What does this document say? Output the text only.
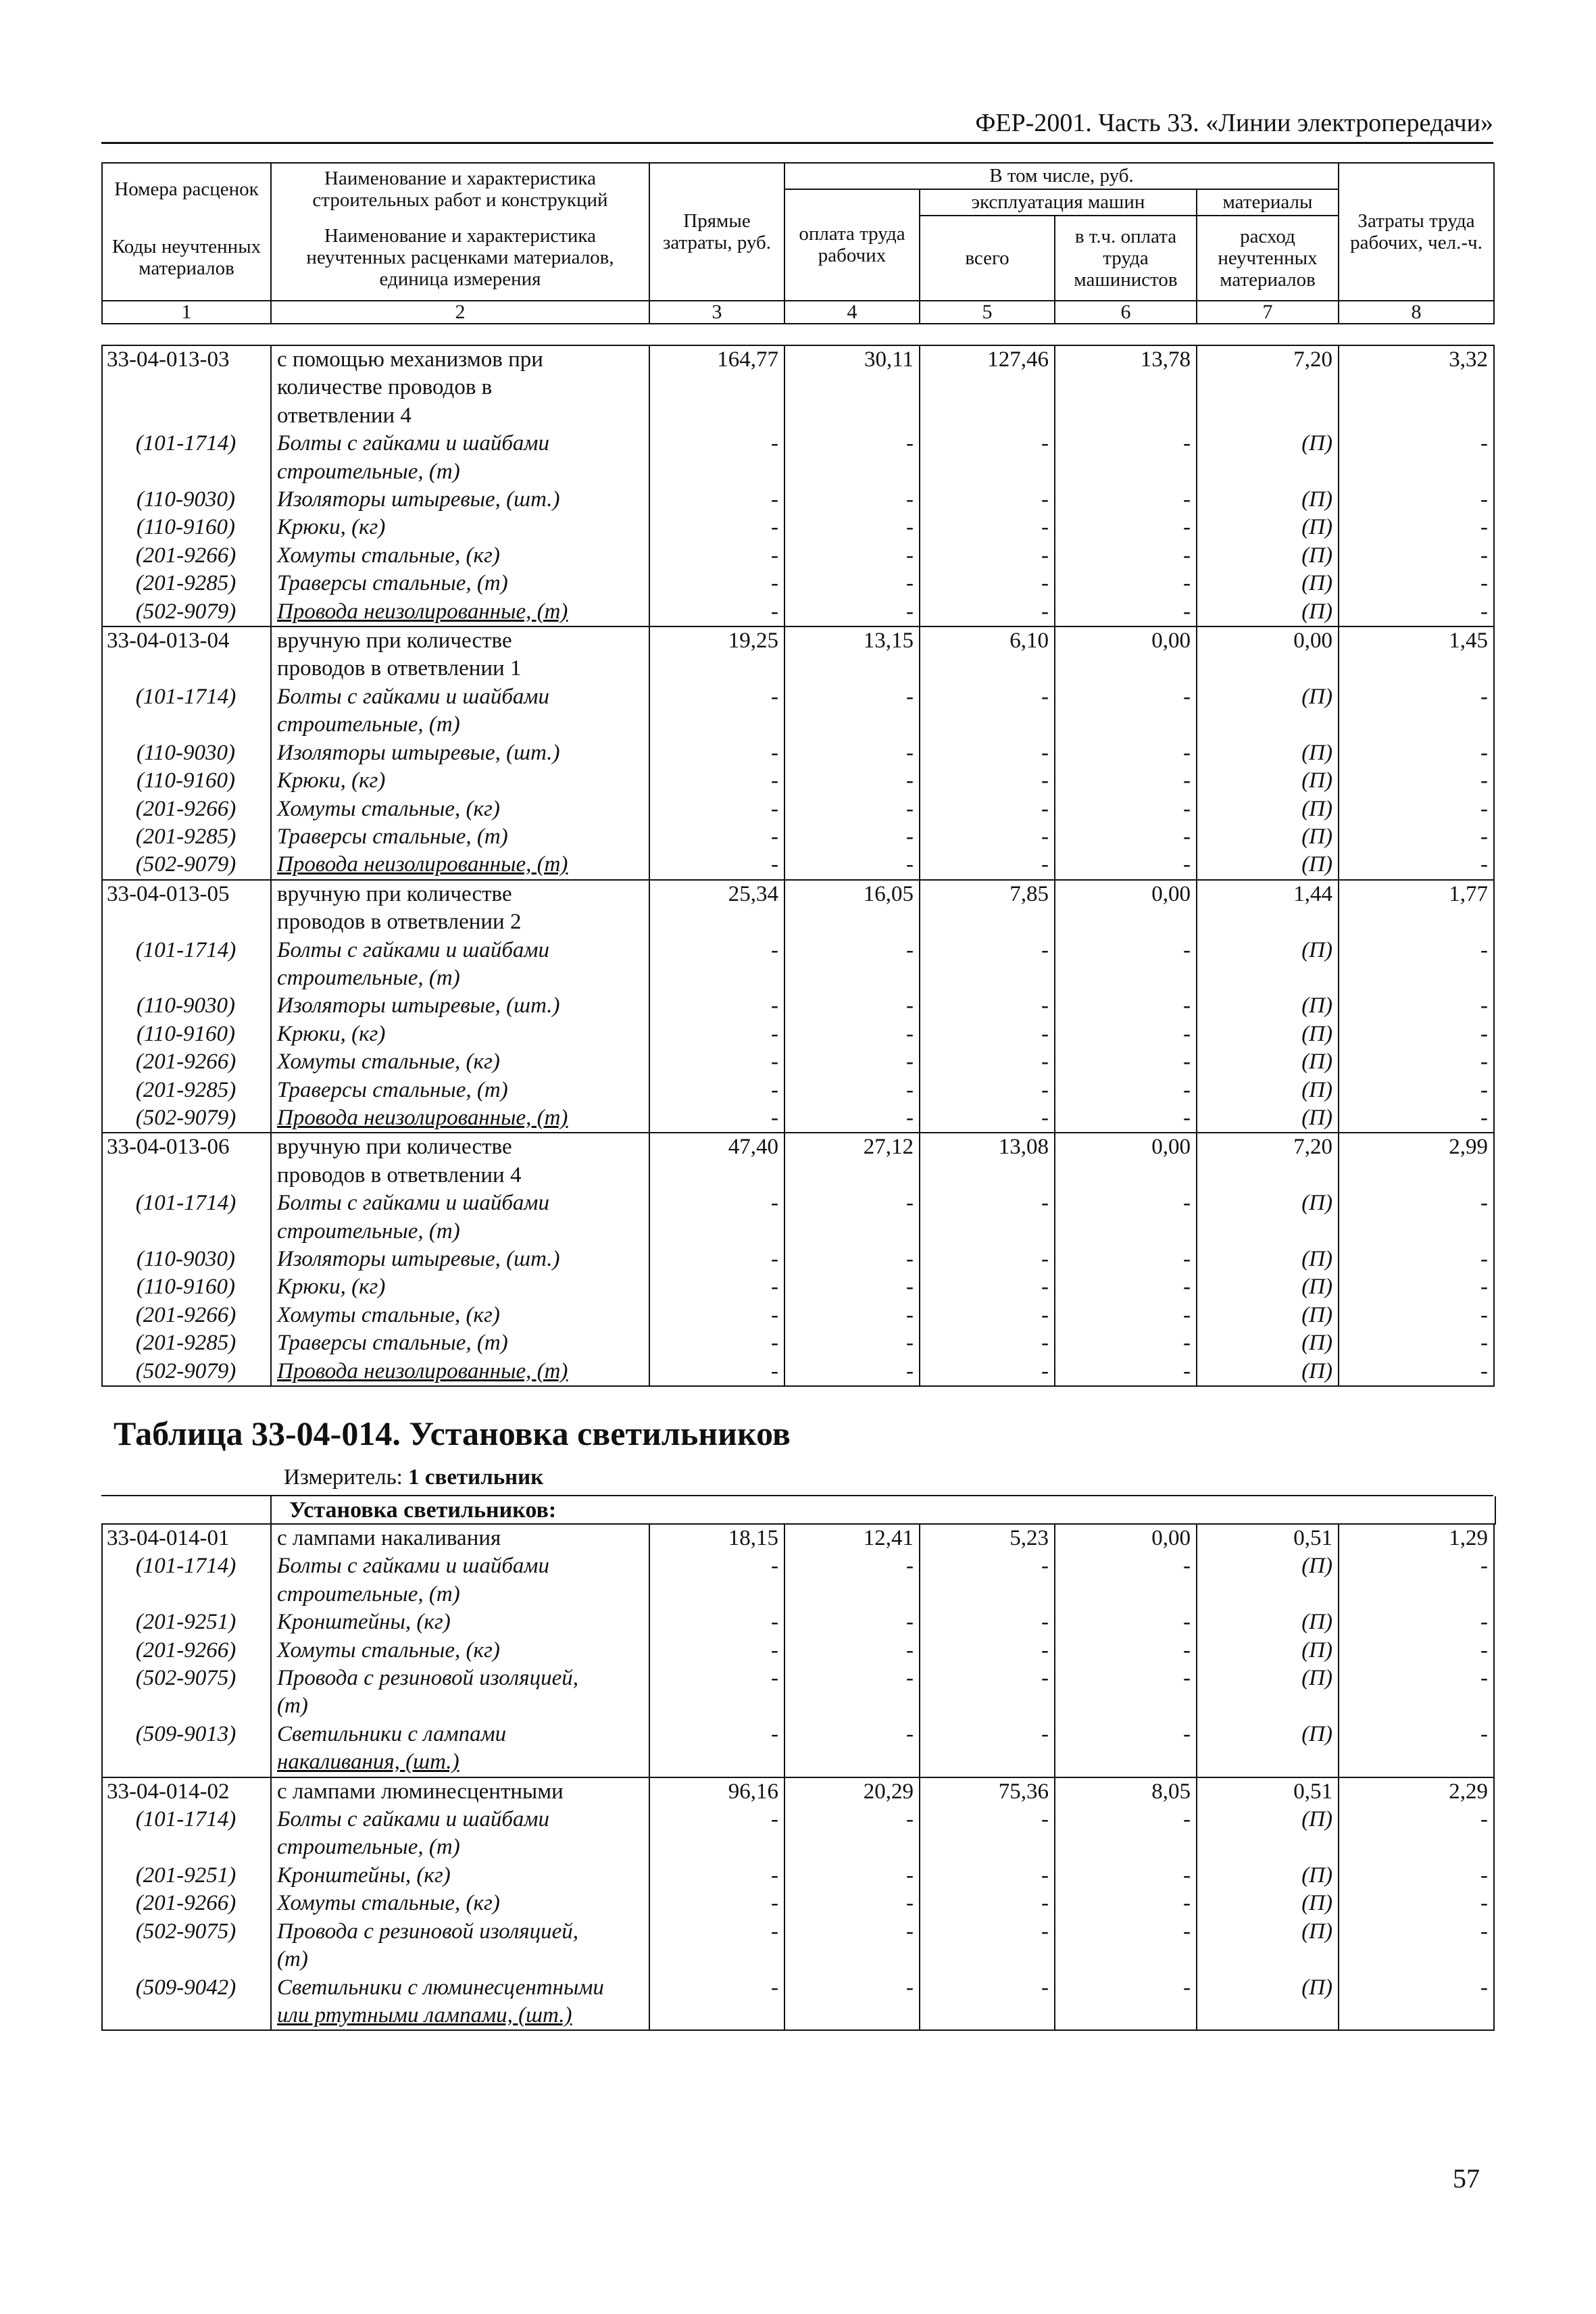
ФЕР-2001. Часть 33. «Линии электропередачи»
Номера расценок	Наименование и характеристика строительных работ и конструкций	Прямые затраты, руб.	В том числе, руб.				Затраты труда рабочих, чел.-ч.
			оплата труда рабочих	эксплуатация машин		материалы	
Коды неучтенных материалов	Наименование и характеристика неучтенных расценками материалов, единица измерения			всего	в т.ч. оплата труда машинистов	расход неучтенных материалов	

1	2	3	4	5	6	7	8
33-04-013-03	с помощью механизмов при	164,77	30,11	127,46	13,78	7,20	3,32
	количестве проводов в						
	ответвлении 4						
(101-1714)	Болты с гайками и шайбами	-	-	-	-	(П)	-
	строительные, (т)						
(110-9030)	Изоляторы штыревые, (шт.)	-	-	-	-	(П)	-
(110-9160)	Крюки, (кг)	-	-	-	-	(П)	-
(201-9266)	Хомуты стальные, (кг)	-	-	-	-	(П)	-
(201-9285)	Траверсы стальные, (т)	-	-	-	-	(П)	-
(502-9079)	Провода неизолированные, (т)	-	-	-	-	(П)	-
33-04-013-04	вручную при количестве	19,25	13,15	6,10	0,00	0,00	1,45
	проводов в ответвлении 1						
(101-1714)	Болты с гайками и шайбами	-	-	-	-	(П)	-
	строительные, (т)						
(110-9030)	Изоляторы штыревые, (шт.)	-	-	-	-	(П)	-
(110-9160)	Крюки, (кг)	-	-	-	-	(П)	-
(201-9266)	Хомуты стальные, (кг)	-	-	-	-	(П)	-
(201-9285)	Траверсы стальные, (т)	-	-	-	-	(П)	-
(502-9079)	Провода неизолированные, (т)	-	-	-	-	(П)	-
33-04-013-05	вручную при количестве	25,34	16,05	7,85	0,00	1,44	1,77
	проводов в ответвлении 2						
(101-1714)	Болты с гайками и шайбами	-	-	-	-	(П)	-
	строительные, (т)						
(110-9030)	Изоляторы штыревые, (шт.)	-	-	-	-	(П)	-
(110-9160)	Крюки, (кг)	-	-	-	-	(П)	-
(201-9266)	Хомуты стальные, (кг)	-	-	-	-	(П)	-
(201-9285)	Траверсы стальные, (т)	-	-	-	-	(П)	-
(502-9079)	Провода неизолированные, (т)	-	-	-	-	(П)	-
33-04-013-06	вручную при количестве	47,40	27,12	13,08	0,00	7,20	2,99
	проводов в ответвлении 4						
(101-1714)	Болты с гайками и шайбами	-	-	-	-	(П)	-
	строительные, (т)						
(110-9030)	Изоляторы штыревые, (шт.)	-	-	-	-	(П)	-
(110-9160)	Крюки, (кг)	-	-	-	-	(П)	-
(201-9266)	Хомуты стальные, (кг)	-	-	-	-	(П)	-
(201-9285)	Траверсы стальные, (т)	-	-	-	-	(П)	-
(502-9079)	Провода неизолированные, (т)	-	-	-	-	(П)	-
Таблица 33-04-014. Установка светильников
Измеритель: 1 светильник
Установка светильников:
33-04-014-01	с лампами накаливания	18,15	12,41	5,23	0,00	0,51	1,29
(101-1714)	Болты с гайками и шайбами	-	-	-	-	(П)	-
	строительные, (т)						
(201-9251)	Кронштейны, (кг)	-	-	-	-	(П)	-
(201-9266)	Хомуты стальные, (кг)	-	-	-	-	(П)	-
(502-9075)	Провода с резиновой изоляцией,	-	-	-	-	(П)	-
	(т)						
(509-9013)	Светильники с лампами	-	-	-	-	(П)	-
	накаливания, (шт.)						
33-04-014-02	с лампами люминесцентными	96,16	20,29	75,36	8,05	0,51	2,29
(101-1714)	Болты с гайками и шайбами	-	-	-	-	(П)	-
	строительные, (т)						
(201-9251)	Кронштейны, (кг)	-	-	-	-	(П)	-
(201-9266)	Хомуты стальные, (кг)	-	-	-	-	(П)	-
(502-9075)	Провода с резиновой изоляцией,	-	-	-	-	(П)	-
	(т)						
(509-9042)	Светильники с люминесцентными	-	-	-	-	(П)	-
	или ртутными лампами, (шт.)						
57
